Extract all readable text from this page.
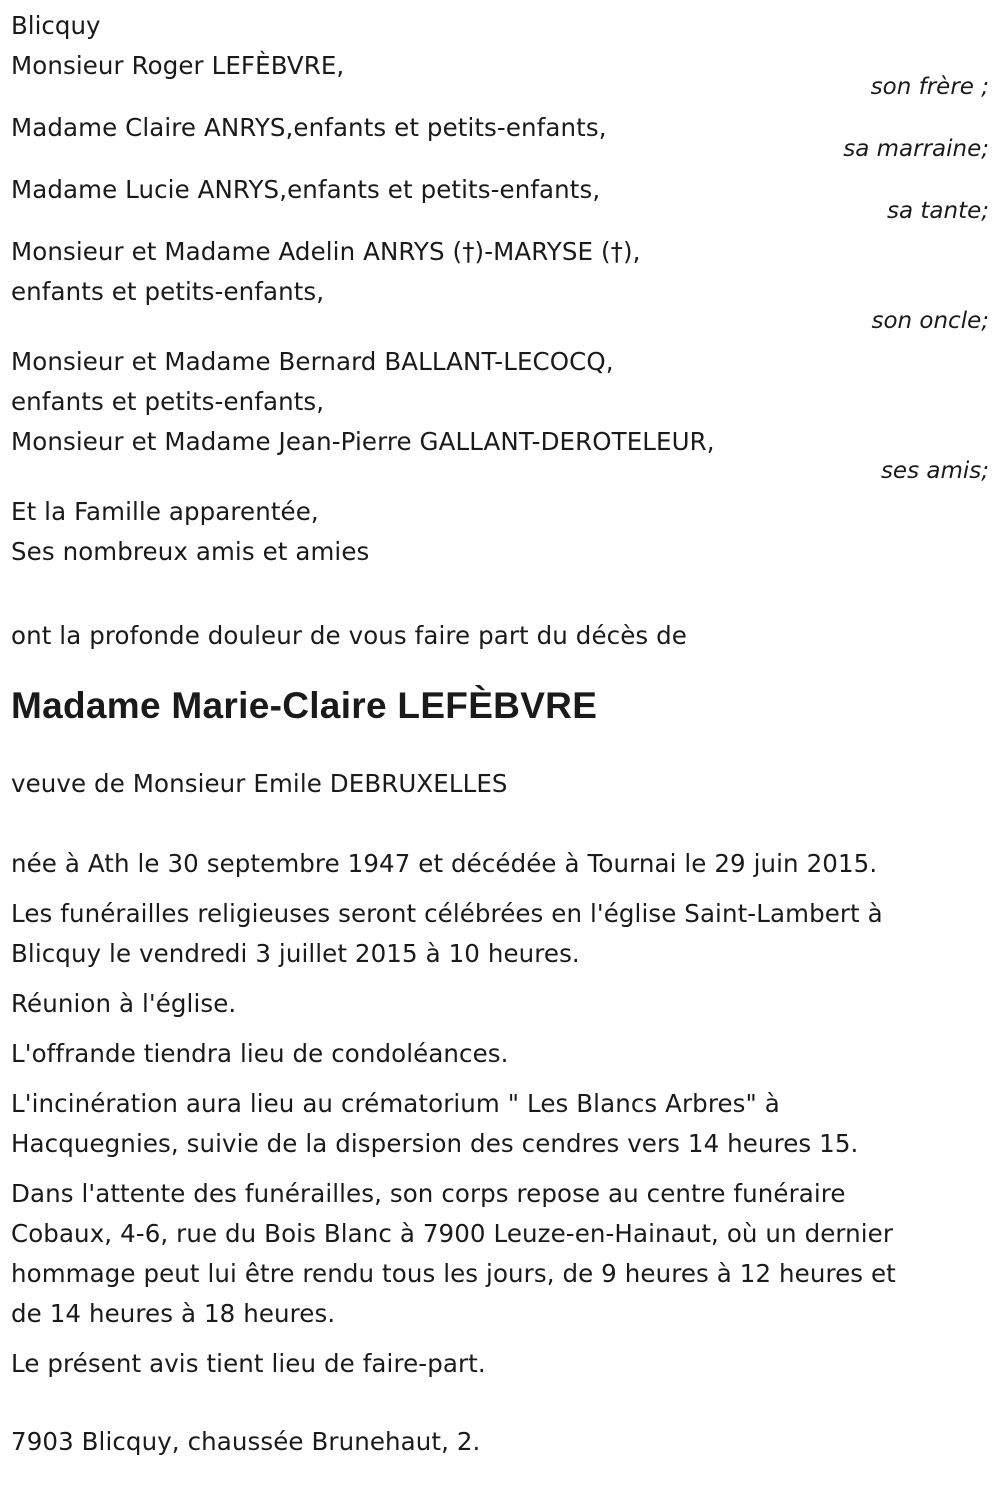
Blicquy
Monsieur Roger LEFÈBVRE,
son frère ;
Madame Claire ANRYS,enfants et petits-enfants,
sa marraine;
Madame Lucie ANRYS,enfants et petits-enfants,
sa tante;
Monsieur et Madame Adelin ANRYS (†)-MARYSE (†),
enfants et petits-enfants,
son oncle;
Monsieur et Madame Bernard BALLANT-LECOCQ,
enfants et petits-enfants,
Monsieur et Madame Jean-Pierre GALLANT-DEROTELEUR,
ses amis;
Et la Famille apparentée,
Ses nombreux amis et amies
ont la profonde douleur de vous faire part du décès de
Madame Marie-Claire LEFÈBVRE
veuve de Monsieur Emile DEBRUXELLES
née à Ath le 30 septembre 1947 et décédée à Tournai le 29 juin 2015.
Les funérailles religieuses seront célébrées en l'église Saint-Lambert à
Blicquy le vendredi 3 juillet 2015 à 10 heures.
Réunion à l'église.
L'offrande tiendra lieu de condoléances.
L'incinération aura lieu au crématorium " Les Blancs Arbres" à
Hacquegnies, suivie de la dispersion des cendres vers 14 heures 15.
Dans l'attente des funérailles, son corps repose au centre funéraire
Cobaux, 4-6, rue du Bois Blanc à 7900 Leuze-en-Hainaut, où un dernier
hommage peut lui être rendu tous les jours, de 9 heures à 12 heures et
de 14 heures à 18 heures.
Le présent avis tient lieu de faire-part.
7903 Blicquy, chaussée Brunehaut, 2.
